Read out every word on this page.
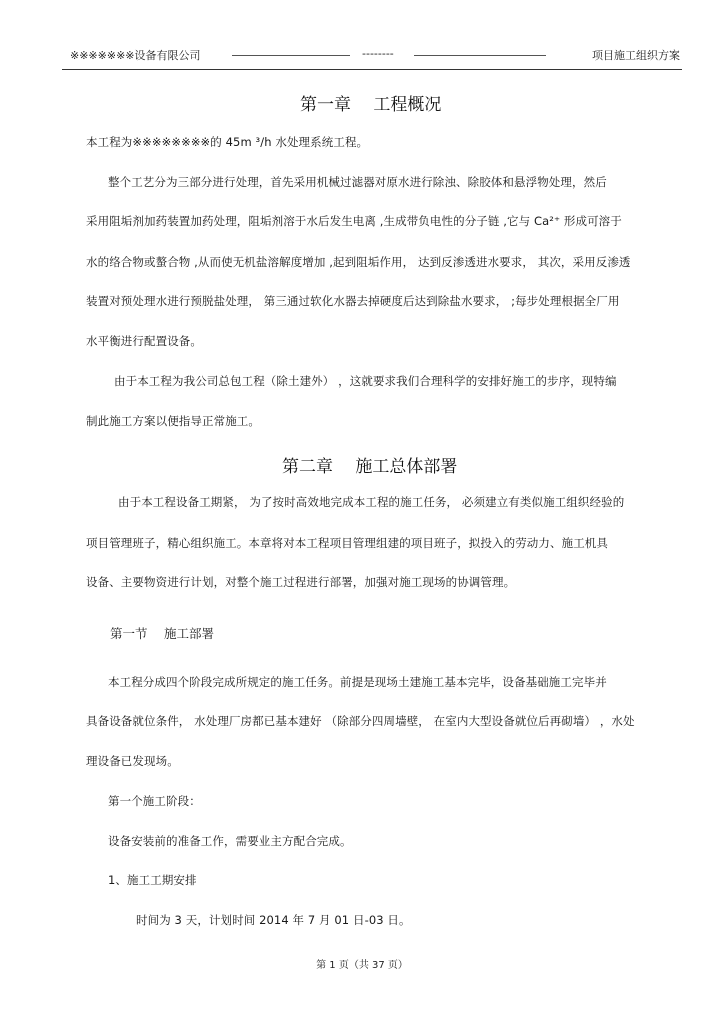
※※※※※※※设备有限公司	--------	项目施工组织方案
第一章　 工程概况
本工程为※※※※※※※※的 45m ³/h 水处理系统工程。
整个工艺分为三部分进行处理，首先采用机械过滤器对原水进行除浊、除胶体和悬浮物处理，然后
采用阻垢剂加药装置加药处理，阻垢剂溶于水后发生电离 ,生成带负电性的分子链 ,它与 Ca²⁺ 形成可溶于
水的络合物或螯合物 ,从而使无机盐溶解度增加 ,起到阻垢作用， 达到反渗透进水要求， 其次，采用反渗透
装置对预处理水进行预脱盐处理， 第三通过软化水器去掉硬度后达到除盐水要求， ;每步处理根据全厂用
水平衡进行配置设备。
由于本工程为我公司总包工程（除土建外） ，这就要求我们合理科学的安排好施工的步序，现特编
制此施工方案以便指导正常施工。
第二章　 施工总体部署
由于本工程设备工期紧， 为了按时高效地完成本工程的施工任务， 必须建立有类似施工组织经验的
项目管理班子，精心组织施工。本章将对本工程项目管理组建的项目班子，拟投入的劳动力、施工机具
设备、主要物资进行计划，对整个施工过程进行部署，加强对施工现场的协调管理。
第一节　 施工部署
本工程分成四个阶段完成所规定的施工任务。前提是现场土建施工基本完毕，设备基础施工完毕并
具备设备就位条件， 水处理厂房都已基本建好 （除部分四周墙壁， 在室内大型设备就位后再砌墙） ，水处
理设备已发现场。
第一个施工阶段：
设备安装前的准备工作，需要业主方配合完成。
1、施工工期安排
时间为 3 天，计划时间 2014 年 7 月 01 日-03 日。
第 1 页（共 37 页）
